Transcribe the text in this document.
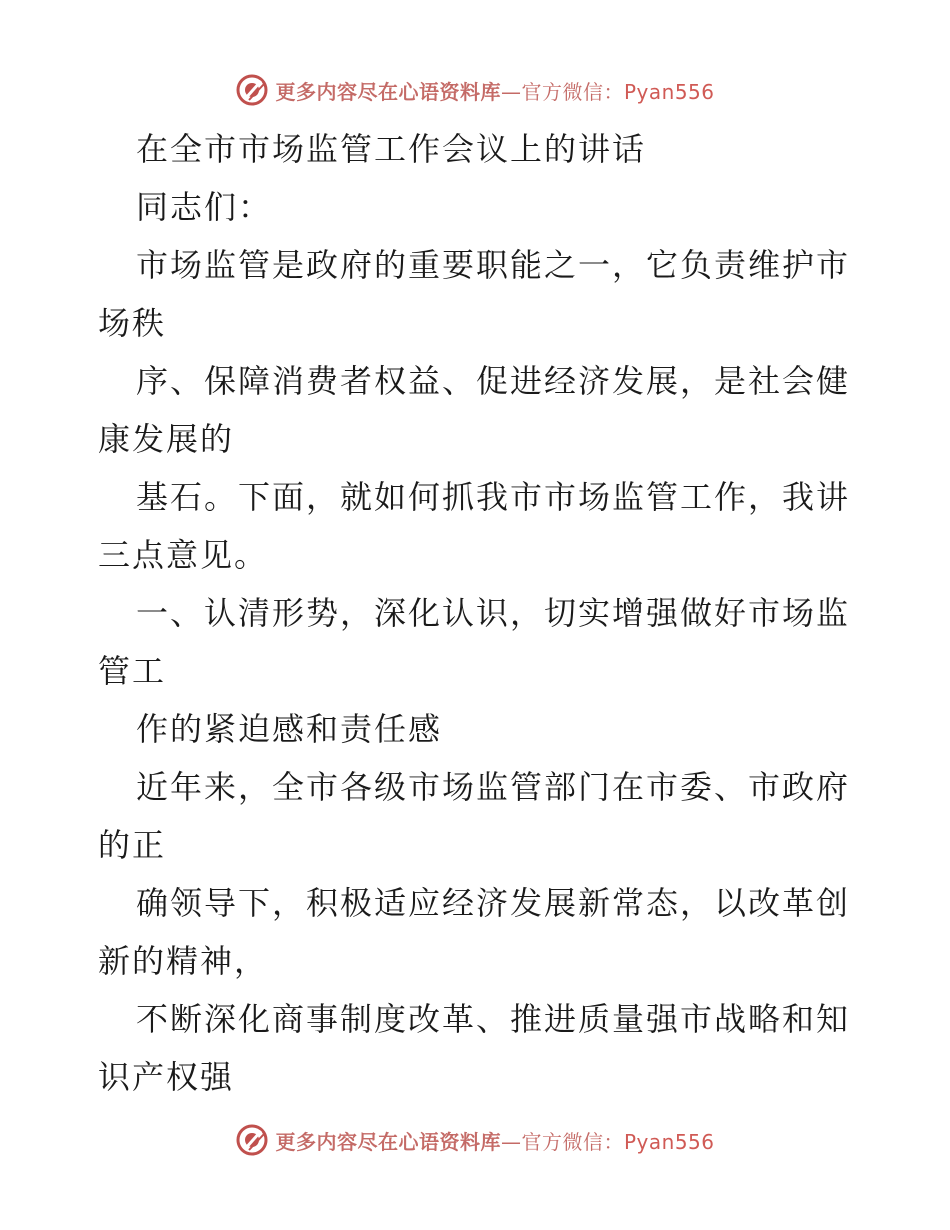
更多内容尽在心语资料库—官方微信：Pyan556
在全市市场监管工作会议上的讲话
同志们：
市场监管是政府的重要职能之一，它负责维护市
场秩
序、保障消费者权益、促进经济发展，是社会健
康发展的
基石。下面，就如何抓我市市场监管工作，我讲
三点意见。
一、认清形势，深化认识，切实增强做好市场监
管工
作的紧迫感和责任感
近年来，全市各级市场监管部门在市委、市政府
的正
确领导下，积极适应经济发展新常态，以改革创
新的精神，
不断深化商事制度改革、推进质量强市战略和知
识产权强
更多内容尽在心语资料库—官方微信：Pyan556
